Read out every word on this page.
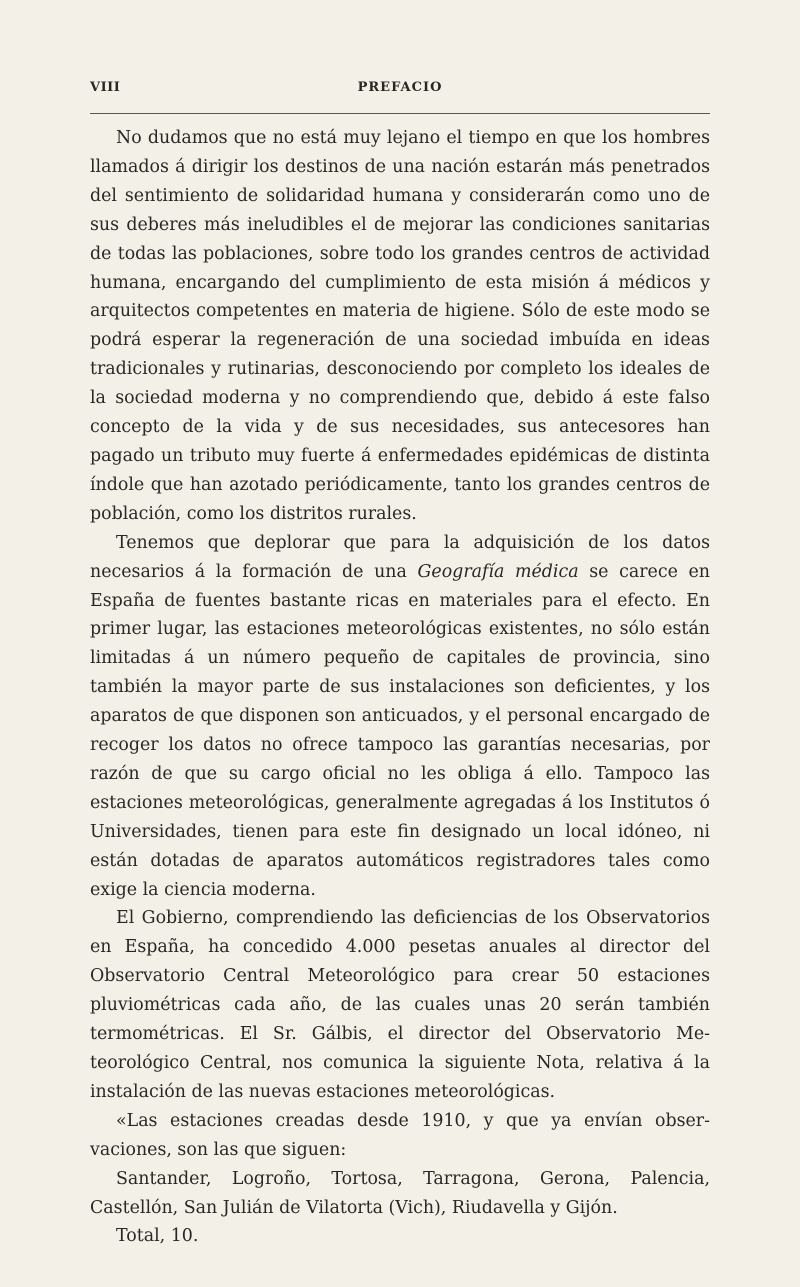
VIII	PREFACIO

No dudamos que no está muy lejano el tiempo en que los hombres llamados á dirigir los destinos de una nación estarán más penetrados del sentimiento de solidaridad humana y considerarán como uno de sus deberes más ineludibles el de mejorar las condiciones sanitarias de todas las poblaciones, sobre todo los grandes centros de actividad humana, encargando del cumplimiento de esta misión á médicos y arquitectos competentes en materia de higiene. Sólo de este modo se podrá esperar la regeneración de una sociedad imbuída en ideas tradicionales y rutinarias, desconociendo por completo los ideales de la sociedad moderna y no comprendiendo que, debido á este falso concepto de la vida y de sus necesidades, sus antecesores han pagado un tributo muy fuerte á enfermedades epidémicas de distinta índole que han azotado periódicamente, tanto los grandes centros de población, como los distritos rurales.

Tenemos que deplorar que para la adquisición de los datos necesarios á la formación de una Geografía médica se carece en España de fuentes bastante ricas en materiales para el efecto. En primer lugar, las estaciones meteorológicas existentes, no sólo están limitadas á un número pequeño de capitales de provincia, sino también la mayor parte de sus instalaciones son deficientes, y los aparatos de que disponen son anticuados, y el personal encargado de recoger los datos no ofrece tampoco las garantías necesarias, por razón de que su cargo oficial no les obliga á ello. Tampoco las estaciones meteorológicas, generalmente agregadas á los Institutos ó Universidades, tienen para este fin designado un local idóneo, ni están dotadas de aparatos automáticos registradores tales como exige la ciencia moderna.

El Gobierno, comprendiendo las deficiencias de los Observatorios en España, ha concedido 4.000 pesetas anuales al director del Observatorio Central Meteorológico para crear 50 estaciones pluviométricas cada año, de las cuales unas 20 serán también termométricas. El Sr. Gálbis, el director del Observatorio Meteorológico Central, nos comunica la siguiente Nota, relativa á la instalación de las nuevas estaciones meteorológicas.

«Las estaciones creadas desde 1910, y que ya envían observaciones, son las que siguen:

Santander, Logroño, Tortosa, Tarragona, Gerona, Palencia, Castellón, San Julián de Vilatorta (Vich), Riudavella y Gijón.

Total, 10.
